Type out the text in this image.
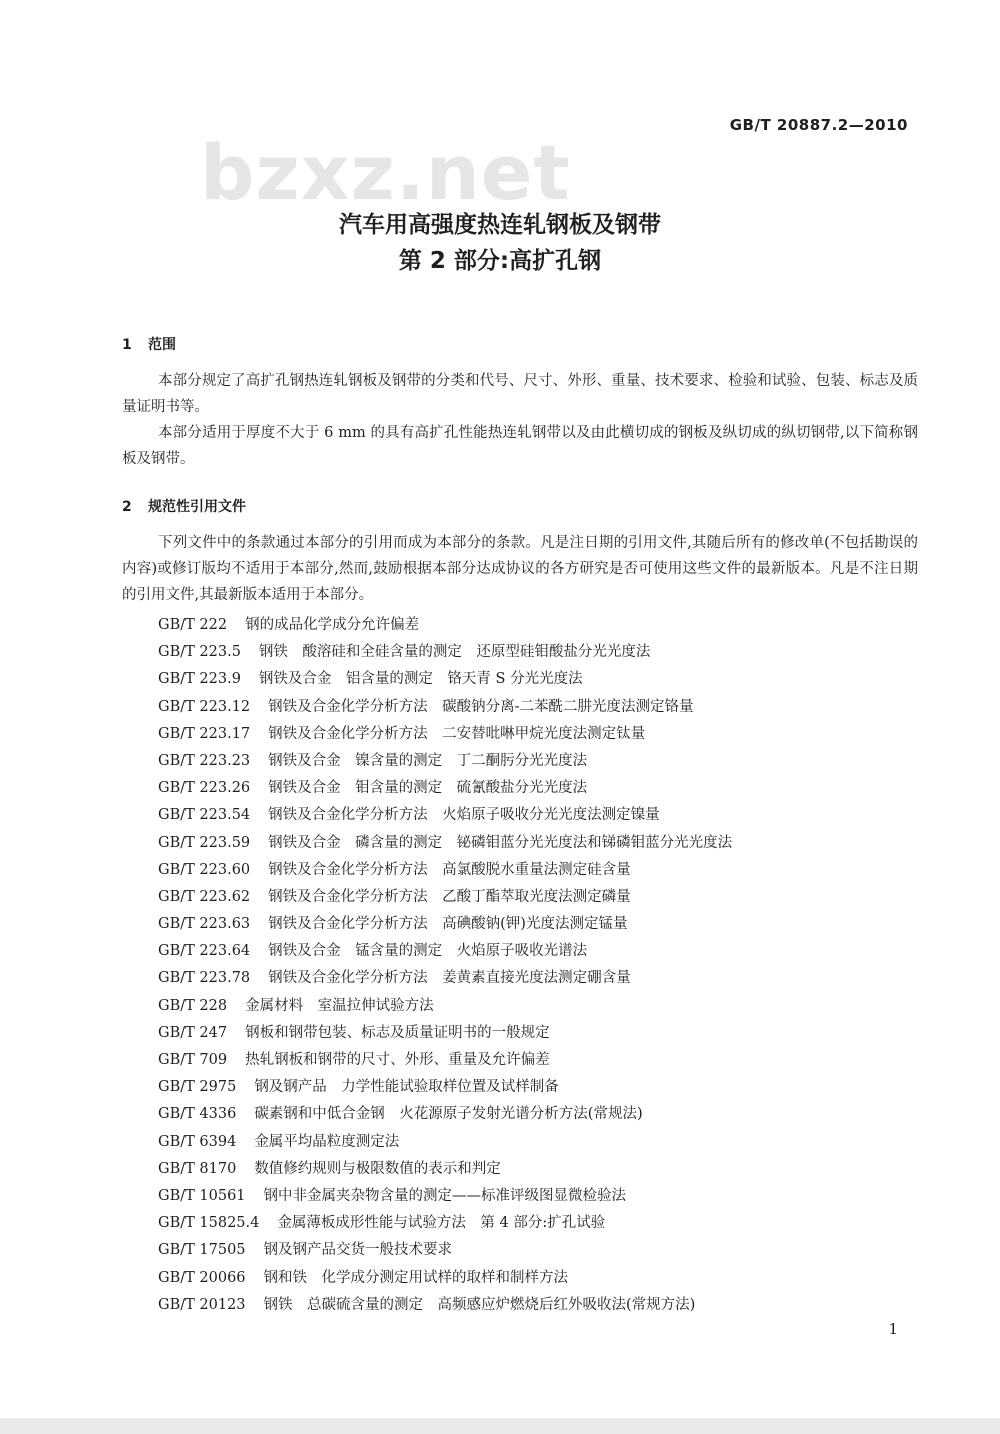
GB/T 20887.2—2010
bzxz.net
汽车用高强度热连轧钢板及钢带
第 2 部分:高扩孔钢
1 范围

本部分规定了高扩孔钢热连轧钢板及钢带的分类和代号、尺寸、外形、重量、技术要求、检验和试验、包装、标志及质量证明书等。

本部分适用于厚度不大于 6 mm 的具有高扩孔性能热连轧钢带以及由此横切成的钢板及纵切成的纵切钢带,以下简称钢板及钢带。

2 规范性引用文件

下列文件中的条款通过本部分的引用而成为本部分的条款。凡是注日期的引用文件,其随后所有的修改单(不包括勘误的内容)或修订版均不适用于本部分,然而,鼓励根据本部分达成协议的各方研究是否可使用这些文件的最新版本。凡是不注日期的引用文件,其最新版本适用于本部分。

GB/T 222 钢的成品化学成分允许偏差
GB/T 223.5 钢铁　酸溶硅和全硅含量的测定　还原型硅钼酸盐分光光度法
GB/T 223.9 钢铁及合金　铝含量的测定　铬天青 S 分光光度法
GB/T 223.12 钢铁及合金化学分析方法　碳酸钠分离-二苯酰二肼光度法测定铬量
GB/T 223.17 钢铁及合金化学分析方法　二安替吡啉甲烷光度法测定钛量
GB/T 223.23 钢铁及合金　镍含量的测定　丁二酮肟分光光度法
GB/T 223.26 钢铁及合金　钼含量的测定　硫氰酸盐分光光度法
GB/T 223.54 钢铁及合金化学分析方法　火焰原子吸收分光光度法测定镍量
GB/T 223.59 钢铁及合金　磷含量的测定　铋磷钼蓝分光光度法和锑磷钼蓝分光光度法
GB/T 223.60 钢铁及合金化学分析方法　高氯酸脱水重量法测定硅含量
GB/T 223.62 钢铁及合金化学分析方法　乙酸丁酯萃取光度法测定磷量
GB/T 223.63 钢铁及合金化学分析方法　高碘酸钠(钾)光度法测定锰量
GB/T 223.64 钢铁及合金　锰含量的测定　火焰原子吸收光谱法
GB/T 223.78 钢铁及合金化学分析方法　姜黄素直接光度法测定硼含量
GB/T 228 金属材料　室温拉伸试验方法
GB/T 247 钢板和钢带包装、标志及质量证明书的一般规定
GB/T 709 热轧钢板和钢带的尺寸、外形、重量及允许偏差
GB/T 2975 钢及钢产品　力学性能试验取样位置及试样制备
GB/T 4336 碳素钢和中低合金钢　火花源原子发射光谱分析方法(常规法)
GB/T 6394 金属平均晶粒度测定法
GB/T 8170 数值修约规则与极限数值的表示和判定
GB/T 10561 钢中非金属夹杂物含量的测定——标准评级图显微检验法
GB/T 15825.4 金属薄板成形性能与试验方法　第 4 部分:扩孔试验
GB/T 17505 钢及钢产品交货一般技术要求
GB/T 20066 钢和铁　化学成分测定用试样的取样和制样方法
GB/T 20123 钢铁　总碳硫含量的测定　高频感应炉燃烧后红外吸收法(常规方法)
1
